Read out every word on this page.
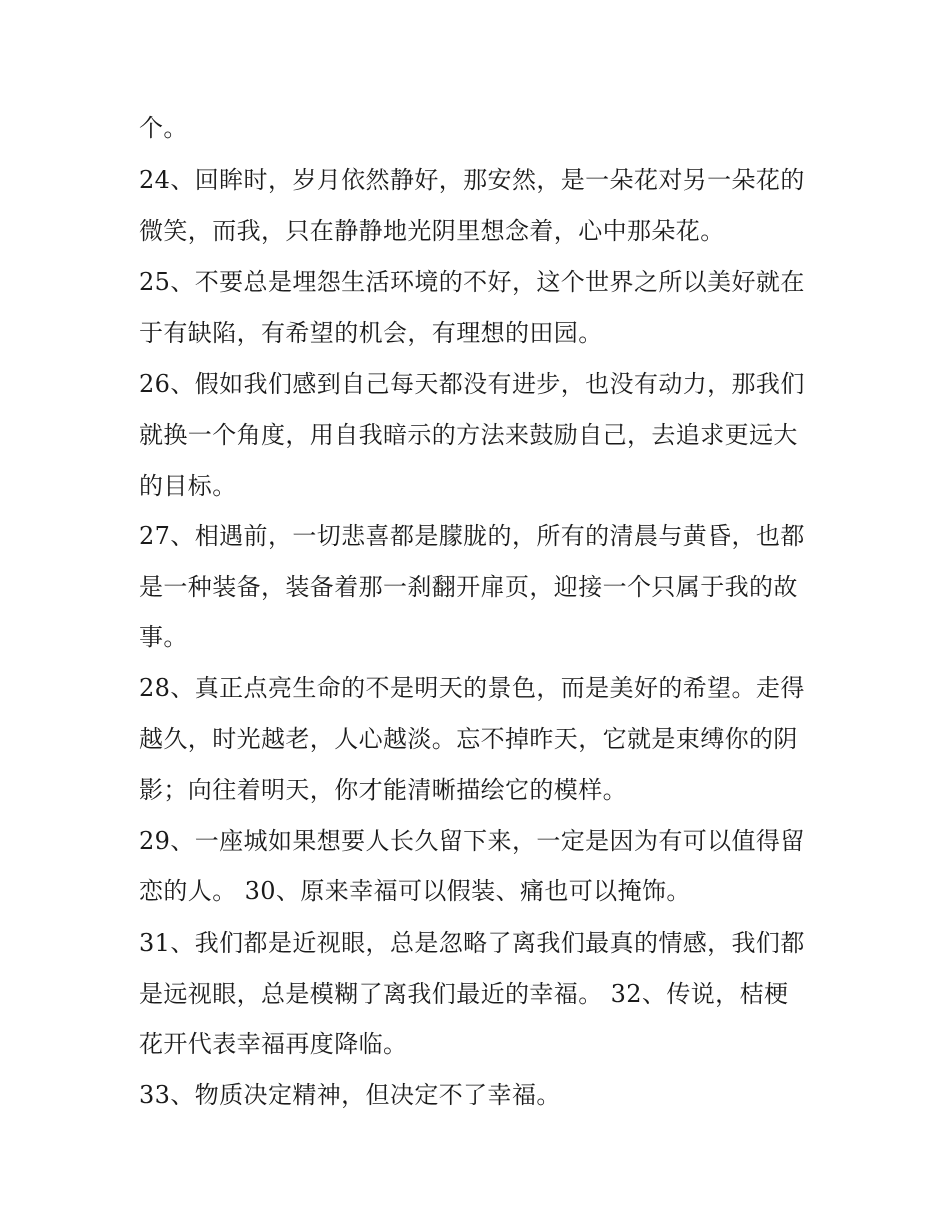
个。
24、回眸时，岁月依然静好，那安然，是一朵花对另一朵花的
微笑，而我，只在静静地光阴里想念着，心中那朵花。
25、不要总是埋怨生活环境的不好，这个世界之所以美好就在
于有缺陷，有希望的机会，有理想的田园。
26、假如我们感到自己每天都没有进步，也没有动力，那我们
就换一个角度，用自我暗示的方法来鼓励自己，去追求更远大
的目标。
27、相遇前，一切悲喜都是朦胧的，所有的清晨与黄昏，也都
是一种装备，装备着那一刹翻开扉页，迎接一个只属于我的故
事。
28、真正点亮生命的不是明天的景色，而是美好的希望。走得
越久，时光越老，人心越淡。忘不掉昨天，它就是束缚你的阴
影；向往着明天，你才能清晰描绘它的模样。
29、一座城如果想要人长久留下来，一定是因为有可以值得留
恋的人。 30、原来幸福可以假装、痛也可以掩饰。
31、我们都是近视眼，总是忽略了离我们最真的情感，我们都
是远视眼，总是模糊了离我们最近的幸福。 32、传说，桔梗
花开代表幸福再度降临。
33、物质决定精神，但决定不了幸福。
